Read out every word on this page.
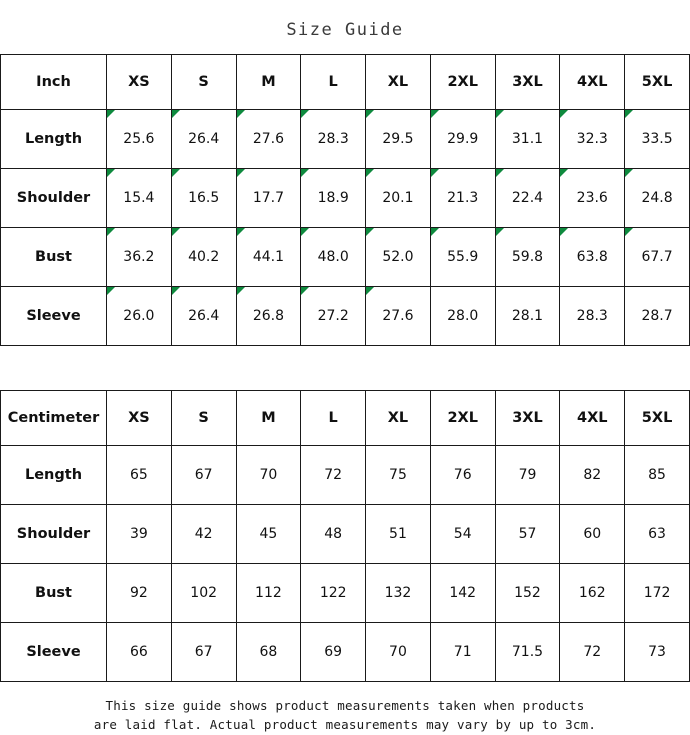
Size Guide
Inch	XS	S	M	L	XL	2XL	3XL	4XL	5XL
Length	25.6	26.4	27.6	28.3	29.5	29.9	31.1	32.3	33.5
Shoulder	15.4	16.5	17.7	18.9	20.1	21.3	22.4	23.6	24.8
Bust	36.2	40.2	44.1	48.0	52.0	55.9	59.8	63.8	67.7
Sleeve	26.0	26.4	26.8	27.2	27.6	28.0	28.1	28.3	28.7
Centimeter	XS	S	M	L	XL	2XL	3XL	4XL	5XL
Length	65	67	70	72	75	76	79	82	85
Shoulder	39	42	45	48	51	54	57	60	63
Bust	92	102	112	122	132	142	152	162	172
Sleeve	66	67	68	69	70	71	71.5	72	73
This size guide shows product measurements taken when products
are laid flat. Actual product measurements may vary by up to 3cm.
